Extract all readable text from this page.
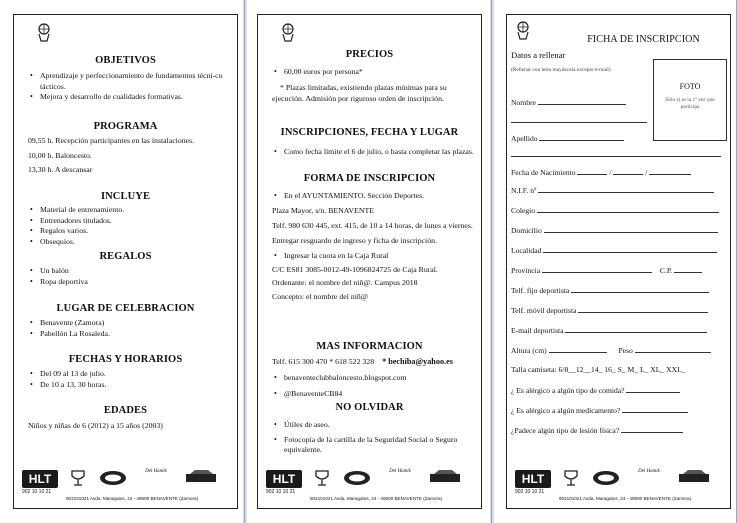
OBJETIVOS
• Aprendizaje y perfeccionamiento de fundamentos técni-co tácticos.
• Mejora y desarrollo de cualidades formativas.
PROGRAMA
09,55 h. Recepción participantes en las instalaciones.
10,00 h. Baloncesto.
13,30 h. A descansar
INCLUYE
• Material de entrenamiento.
• Entrenadores titulados.
• Regalos varios.
• Obsequios.
REGALOS
• Un balón
• Ropa deportiva
LUGAR DE CELEBRACION
• Benavente (Zamora)
• Pabellón La Rosaleda.
FECHAS Y HORARIOS
• Del 09 al 13 de julio.
• De 10 a 13, 30 horas.
EDADES
Niños y niñas de 6 (2012) a 15 años (2003)
HLT
902 10 10 21
Del Hamik
902101021 Avda. Maragatos, 24 - 49600 BENAVENTE (Zamora)
PRECIOS
• 60,00 euros por persona*
* Plazas limitadas, existiendo plazas mínimas para su ejecución. Admisión por riguroso orden de inscripción.
INSCRIPCIONES, FECHA Y LUGAR
• Como fecha límite el 6 de julio, o hasta completar las plazas.
FORMA DE INSCRIPCION
• En el AYUNTAMIENTO. Sección Deportes.
Plaza Mayor, s/n. BENAVENTE
Telf. 980 630 445, ext. 415, de 10 a 14 horas, de lunes a viernes.
Entregar resguardo de ingreso y ficha de inscripción.
• Ingresar la cuota en la Caja Rural
C/C ES81 3085-0012-49-1096824725 de Caja Rural.
Ordenante: el nombre del niñ@. Campus 2018
Concepto: el nombre del niñ@
MAS INFORMACION
Telf. 615 300 470 * 618 522 328 * bechiba@yahoo.es
• benaventeclubbaloncesto.blogspot.com
• @BenaventeCB84
NO OLVIDAR
• Útiles de aseo.
• Fotocopia de la cartilla de la Seguridad Social o Seguro equivalente.
HLT
902 10 10 21
Del Hamik
902101021 Avda. Maragatos, 24 - 49600 BENAVENTE (Zamora)
FICHA DE INSCRIPCION
Datos a rellenar
(Rellenar con letra mayúscula excepto e-mail)
FOTO
Sólo si es la 1ª vez que participa
Nombre
Apellido
Fecha de Nacimiento	/	/
N.I.F. nº
Colegio
Domicilio
Localidad
Provincia	C.P.
Telf. fijo deportista
Telf. móvil deportista
E-mail deportista
Altura (cm)	Peso
Talla camiseta: 6/8__12__14_ 16_ S_ M_ L_ XL_ XXL_
¿ Es alérgico a algún tipo de comida?
¿ Es alérgico a algún medicamento?
¿Padece algún tipo de lesión física?
HLT
902 10 10 21
Del Hamik
902101021 Avda. Maragatos, 24 - 49600 BENAVENTE (Zamora)
